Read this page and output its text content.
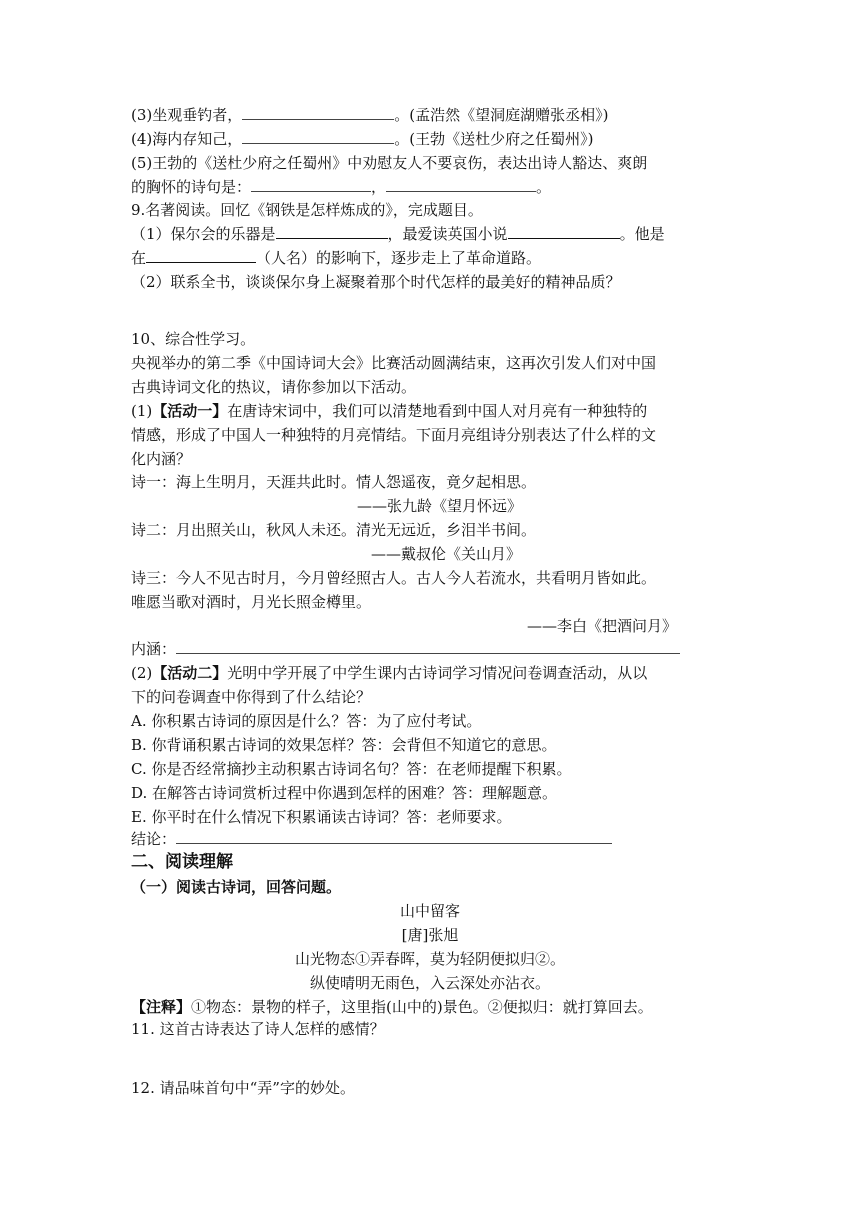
(3)坐观垂钓者，	。(孟浩然《望洞庭湖赠张丞相》)
(4)海内存知己，	。(王勃《送杜少府之任蜀州》)
(5)王勃的《送杜少府之任蜀州》中劝慰友人不要哀伤，表达出诗人豁达、爽朗
的胸怀的诗句是：	，	。
9.名著阅读。回忆《钢铁是怎样炼成的》，完成题目。
（1）保尔会的乐器是	，最爱读英国小说	。他是
在	（人名）的影响下，逐步走上了革命道路。
（2）联系全书，谈谈保尔身上凝聚着那个时代怎样的最美好的精神品质？
10、综合性学习。
央视举办的第二季《中国诗词大会》比赛活动圆满结束，这再次引发人们对中国
古典诗词文化的热议，请你参加以下活动。
(1)【活动一】在唐诗宋词中，我们可以清楚地看到中国人对月亮有一种独特的
情感，形成了中国人一种独特的月亮情结。下面月亮组诗分别表达了什么样的文
化内涵？
诗一：海上生明月，天涯共此时。情人怨遥夜，竟夕起相思。
——张九龄《望月怀远》
诗二：月出照关山，秋风人未还。清光无远近，乡泪半书间。
——戴叔伦《关山月》
诗三：今人不见古时月，今月曾经照古人。古人今人若流水，共看明月皆如此。
唯愿当歌对酒时，月光长照金樽里。
——李白《把酒问月》
内涵：
(2)【活动二】光明中学开展了中学生课内古诗词学习情况问卷调查活动，从以
下的问卷调查中你得到了什么结论？
A. 你积累古诗词的原因是什么？答：为了应付考试。
B. 你背诵积累古诗词的效果怎样？答：会背但不知道它的意思。
C. 你是否经常摘抄主动积累古诗词名句？答：在老师提醒下积累。
D. 在解答古诗词赏析过程中你遇到怎样的困难？答：理解题意。
E. 你平时在什么情况下积累诵读古诗词？答：老师要求。
结论：
二、阅读理解
（一）阅读古诗词，回答问题。
山中留客
[唐]张旭
山光物态①弄春晖，莫为轻阴便拟归②。
纵使晴明无雨色，入云深处亦沾衣。
【注释】①物态：景物的样子，这里指(山中的)景色。②便拟归：就打算回去。
11. 这首古诗表达了诗人怎样的感情？
12. 请品味首句中“弄”字的妙处。
